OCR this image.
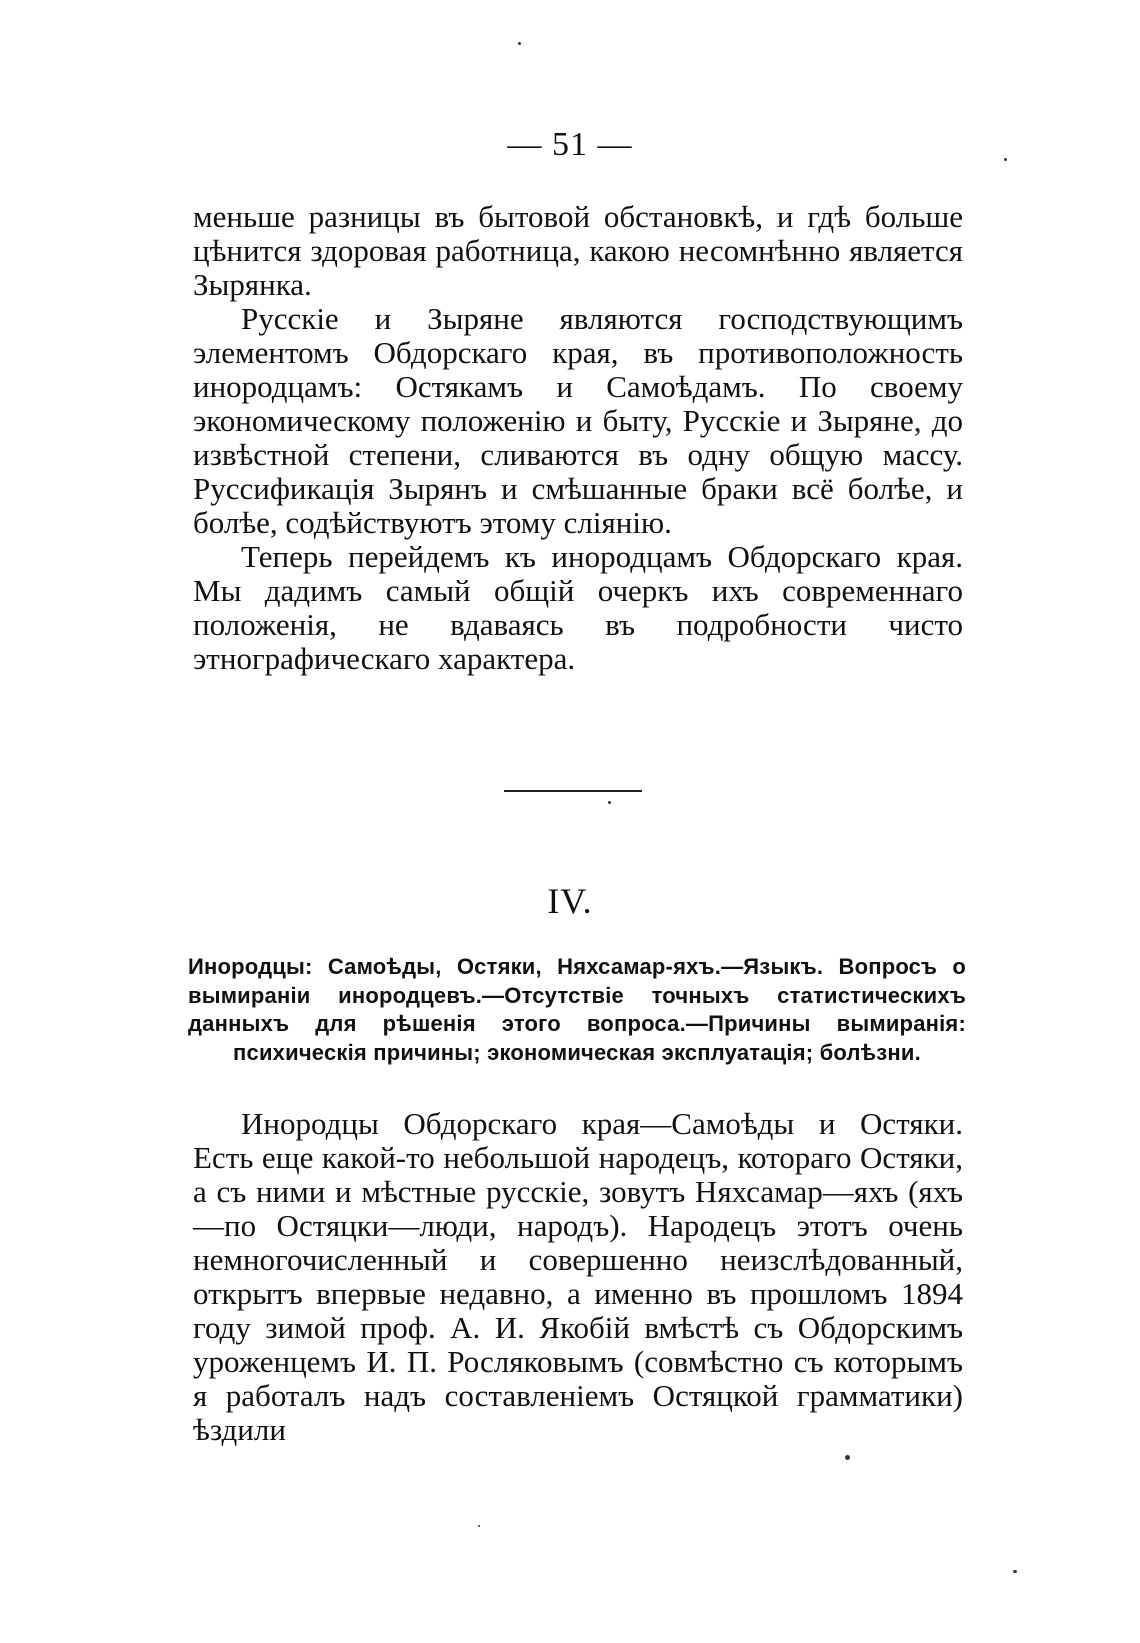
— 51 —

меньше разницы въ бытовой обстановкѣ, и гдѣ больше цѣнится здоровая работница, какою несомнѣнно является Зырянка.

Русскіе и Зыряне являются господствующимъ элементомъ Обдорскаго края, въ противоположность инородцамъ: Остякамъ и Самоѣдамъ. По своему экономическому положенію и быту, Русскіе и Зыряне, до извѣстной степени, сливаются въ одну общую массу. Руссификація Зырянъ и смѣшанные браки всё болѣе, и болѣе, содѣйствуютъ этому сліянію.

Теперь перейдемъ къ инородцамъ Обдорскаго края. Мы дадимъ самый общій очеркъ ихъ современнаго положенія, не вдаваясь въ подробности чисто этнографическаго характера.

IV.
Инородцы: Самоѣды, Остяки, Няхсамар-яхъ.—Языкъ. Вопросъ о вымираніи инородцевъ.—Отсутствіе точныхъ статистическихъ данныхъ для рѣшенія этого вопроса.—Причины вымиранія: психическія причины; экономическая эксплуатація; болѣзни.

Инородцы Обдорскаго края—Самоѣды и Остяки. Есть еще какой-то небольшой народецъ, котораго Остяки, а съ ними и мѣстные русскіе, зовутъ Няхсамар—яхъ (яхъ—по Остяцки—люди, народъ). Народецъ этотъ очень немногочисленный и совершенно неизслѣдованный, открытъ впервые недавно, а именно въ прошломъ 1894 году зимой проф. А. И. Якобій вмѣстѣ съ Обдорскимъ уроженцемъ И. П. Росляковымъ (совмѣстно съ которымъ я работалъ надъ составленіемъ Остяцкой грамматики) ѣздили
